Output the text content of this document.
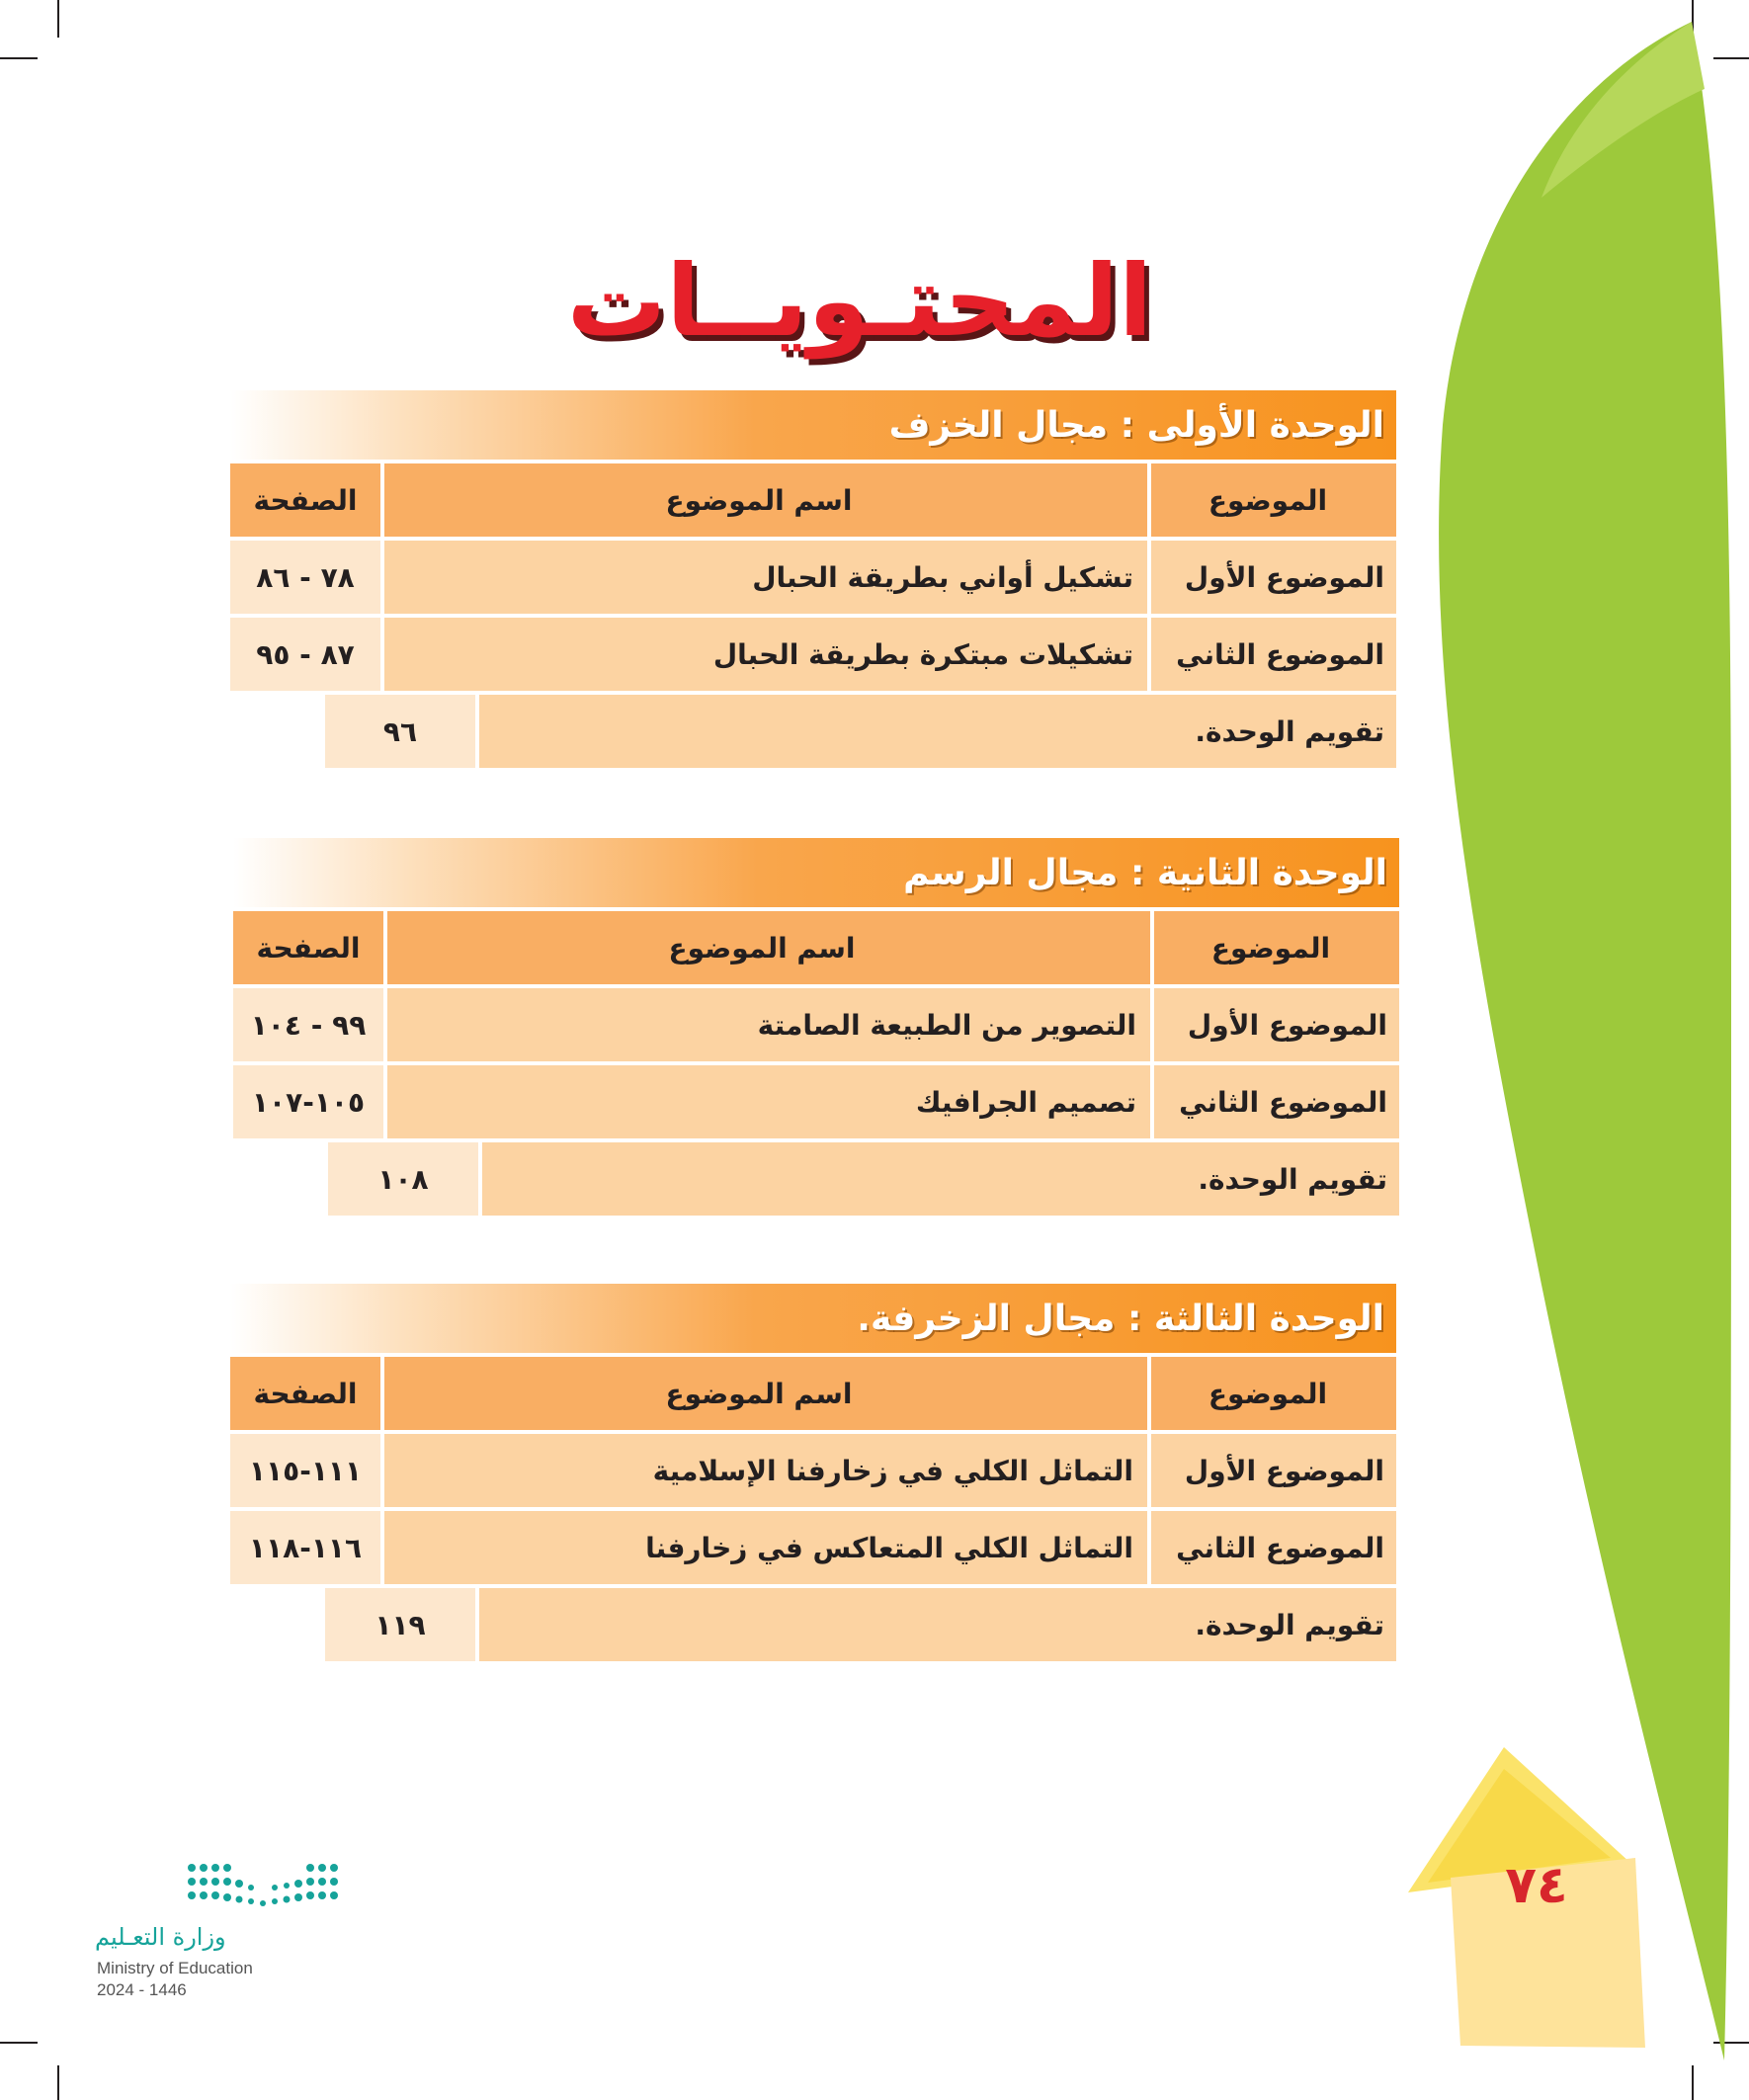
المحتـويــات
الوحدة الأولى : مجال الخزف
الموضوع
اسم الموضوع
الصفحة
الموضوع الأول
تشكيل أواني بطريقة الحبال
٧٨ - ٨٦
الموضوع الثاني
تشكيلات مبتكرة بطريقة الحبال
٨٧ - ٩٥
تقويم الوحدة.
٩٦
الوحدة الثانية : مجال الرسم
الموضوع
اسم الموضوع
الصفحة
الموضوع الأول
التصوير من الطبيعة الصامتة
٩٩ - ١٠٤
الموضوع الثاني
تصميم الجرافيك
١٠٥-١٠٧
تقويم الوحدة.
١٠٨
الوحدة الثالثة : مجال الزخرفة.
الموضوع
اسم الموضوع
الصفحة
الموضوع الأول
التماثل الكلي في زخارفنا الإسلامية
١١١-١١٥
الموضوع الثاني
التماثل الكلي المتعاكس في زخارفنا
١١٦-١١٨
تقويم الوحدة.
١١٩
٧٤
وزارة التعـليم
Ministry of Education
2024 - 1446
